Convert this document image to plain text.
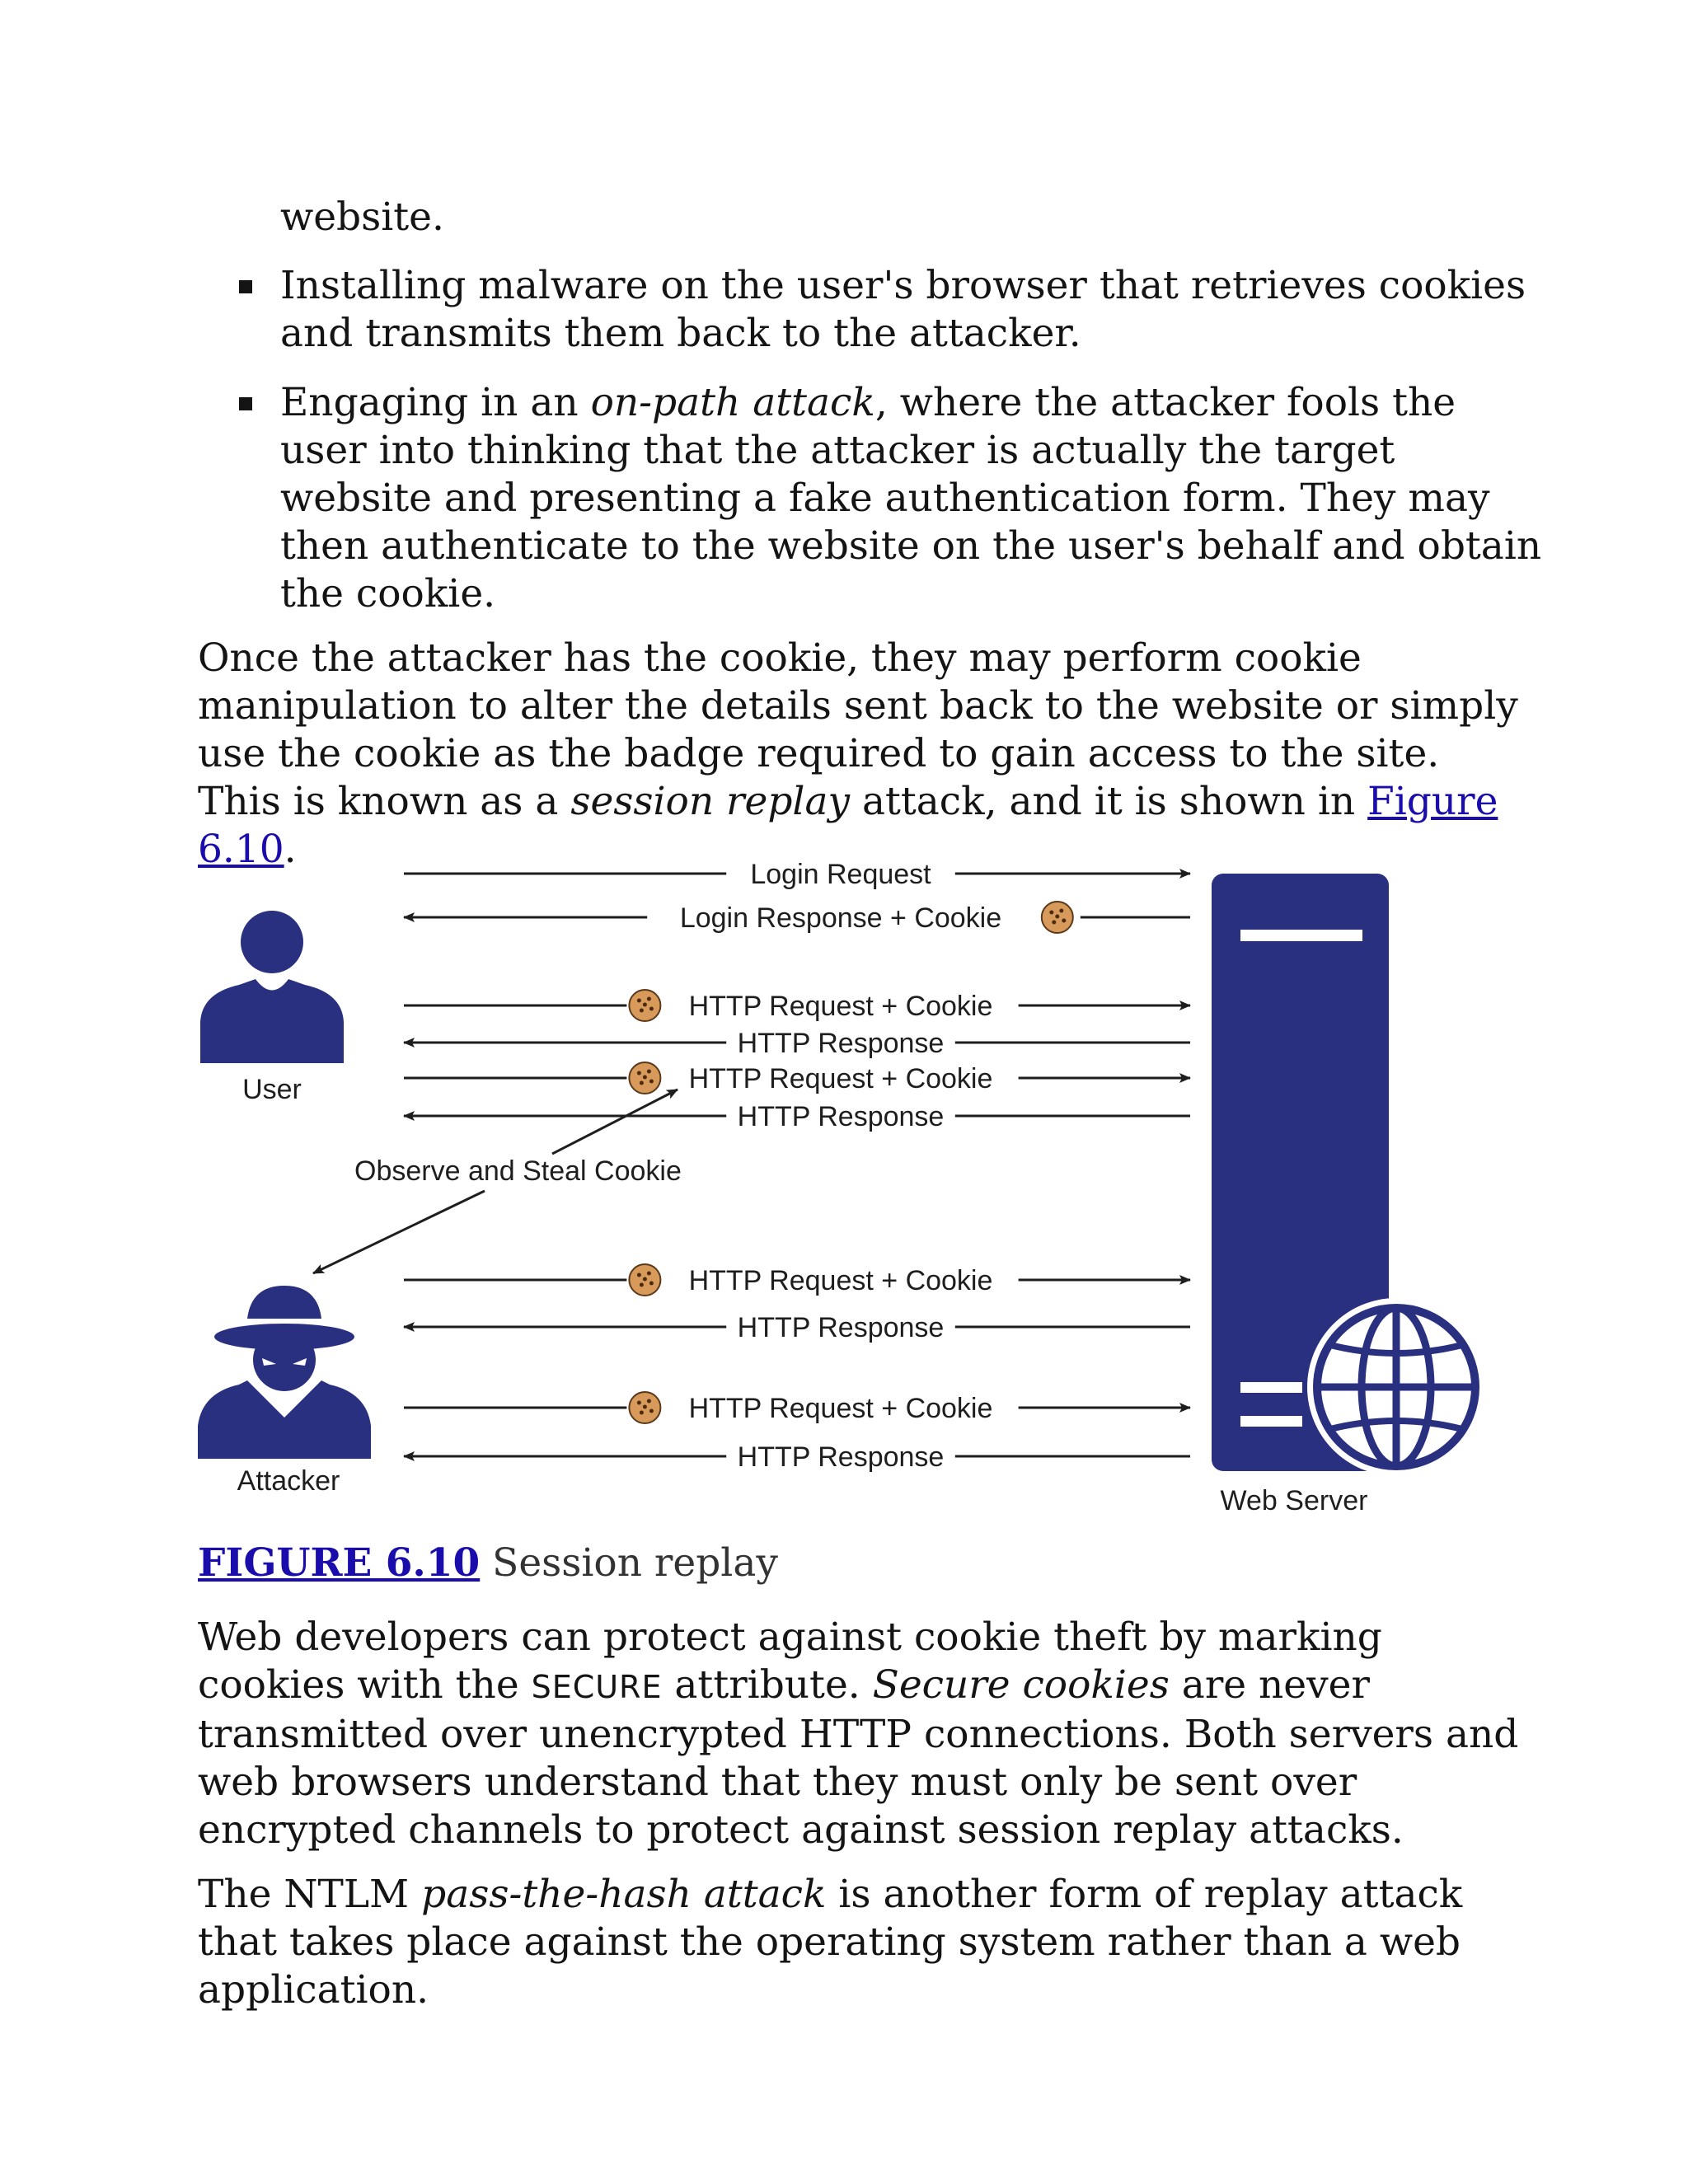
website.

Installing malware on the user's browser that retrieves cookies and transmits them back to the attacker.

Engaging in an on-path attack, where the attacker fools the user into thinking that the attacker is actually the target website and presenting a fake authentication form. They may then authenticate to the website on the user's behalf and obtain the cookie.

Once the attacker has the cookie, they may perform cookie manipulation to alter the details sent back to the website or simply use the cookie as the badge required to gain access to the site. This is known as a session replay attack, and it is shown in Figure 6.10.

User
Attacker
Web Server
Observe and Steal Cookie
Login Request
Login Response + Cookie
HTTP Request + Cookie
HTTP Response
HTTP Request + Cookie
HTTP Response
HTTP Request + Cookie
HTTP Response
HTTP Request + Cookie
HTTP Response

FIGURE 6.10 Session replay

Web developers can protect against cookie theft by marking cookies with the SECURE attribute. Secure cookies are never transmitted over unencrypted HTTP connections. Both servers and web browsers understand that they must only be sent over encrypted channels to protect against session replay attacks.

The NTLM pass-the-hash attack is another form of replay attack that takes place against the operating system rather than a web application.
